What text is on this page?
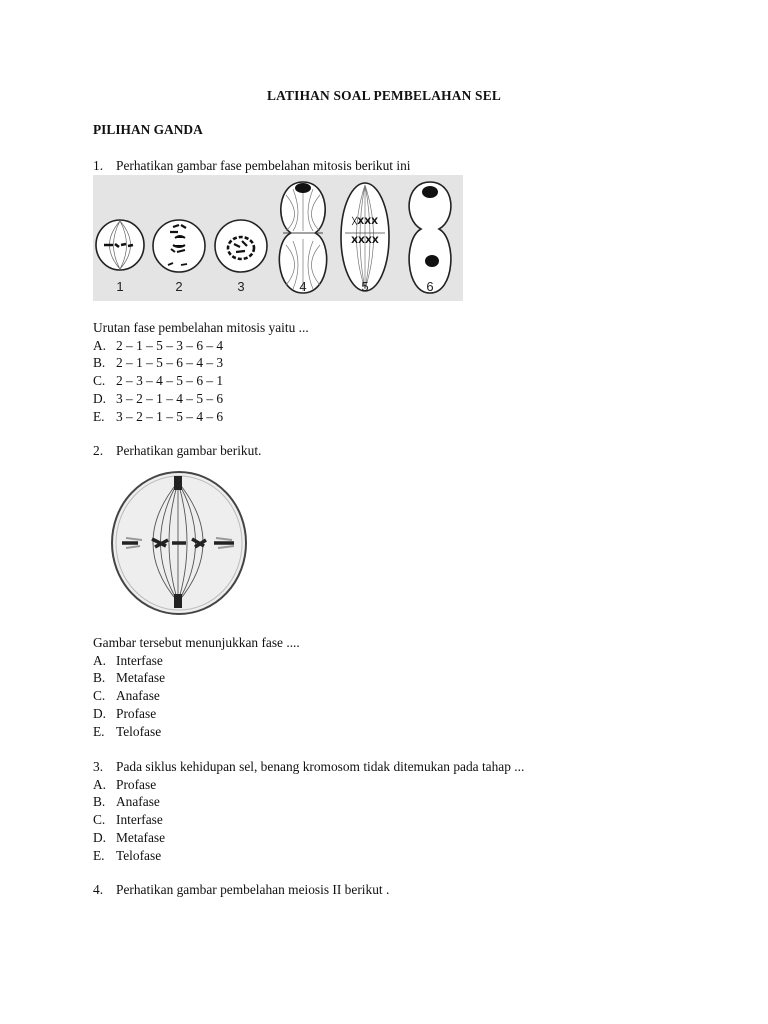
LATIHAN SOAL PEMBELAHAN SEL
PILIHAN GANDA
1. Perhatikan gambar fase pembelahan mitosis berikut ini
ᚷXXX
XXXX
1	2	3	4	5	6
Urutan fase pembelahan mitosis yaitu ...
A. 2 – 1 – 5 – 3 – 6 – 4
B. 2 – 1 – 5 – 6 – 4 – 3
C. 2 – 3 – 4 – 5 – 6 – 1
D. 3 – 2 – 1 – 4 – 5 – 6
E. 3 – 2 – 1 – 5 – 4 – 6
2. Perhatikan gambar berikut.
Gambar tersebut menunjukkan fase ....
A. Interfase
B. Metafase
C. Anafase
D. Profase
E. Telofase
3. Pada siklus kehidupan sel, benang kromosom tidak ditemukan pada tahap ...
A. Profase
B. Anafase
C. Interfase
D. Metafase
E. Telofase
4. Perhatikan gambar pembelahan meiosis II berikut .
